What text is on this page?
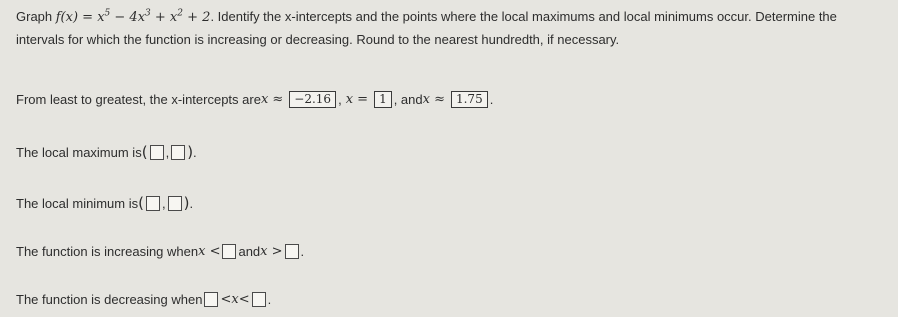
Graph $f(x) = x^5 - 4x^3 + x^2 + 2$. Identify the x-intercepts and the points where the local maximums and local minimums occur. Determine the intervals for which the function is increasing or decreasing. Round to the nearest hundredth, if necessary.
From least to greatest, the x-intercepts are x ≈ −2.16 , x = 1 , and x ≈ 1.75 .
The local maximum is ( , ) .
The local minimum is ( , ) .
The function is increasing when x < and x > .
The function is decreasing when < x < .
